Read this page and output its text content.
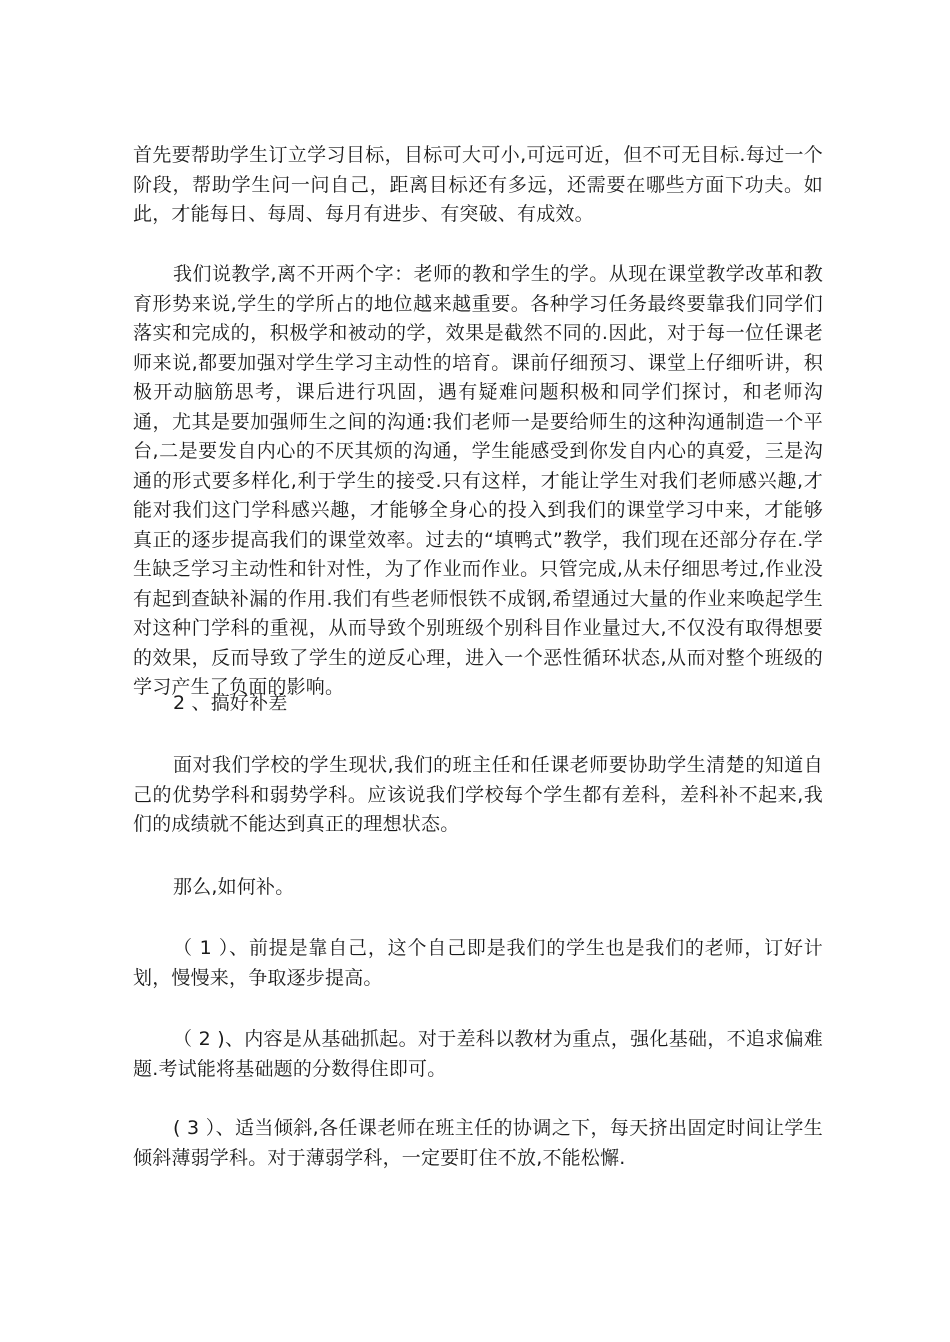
首先要帮助学生订立学习目标，目标可大可小,可远可近，但不可无目标.每过一个阶段，帮助学生问一问自己，距离目标还有多远，还需要在哪些方面下功夫。如此，才能每日、每周、每月有进步、有突破、有成效。

我们说教学,离不开两个字：老师的教和学生的学。从现在课堂教学改革和教育形势来说,学生的学所占的地位越来越重要。各种学习任务最终要靠我们同学们落实和完成的，积极学和被动的学，效果是截然不同的.因此，对于每一位任课老师来说,都要加强对学生学习主动性的培育。课前仔细预习、课堂上仔细听讲，积极开动脑筋思考，课后进行巩固，遇有疑难问题积极和同学们探讨，和老师沟通，尤其是要加强师生之间的沟通:我们老师一是要给师生的这种沟通制造一个平台,二是要发自内心的不厌其烦的沟通，学生能感受到你发自内心的真爱，三是沟通的形式要多样化,利于学生的接受.只有这样，才能让学生对我们老师感兴趣,才能对我们这门学科感兴趣，才能够全身心的投入到我们的课堂学习中来，才能够真正的逐步提高我们的课堂效率。过去的“填鸭式”教学，我们现在还部分存在.学生缺乏学习主动性和针对性，为了作业而作业。只管完成,从未仔细思考过,作业没有起到查缺补漏的作用.我们有些老师恨铁不成钢,希望通过大量的作业来唤起学生对这种门学科的重视，从而导致个别班级个别科目作业量过大,不仅没有取得想要的效果，反而导致了学生的逆反心理，进入一个恶性循环状态,从而对整个班级的学习产生了负面的影响。

2 、搞好补差

面对我们学校的学生现状,我们的班主任和任课老师要协助学生清楚的知道自己的优势学科和弱势学科。应该说我们学校每个学生都有差科，差科补不起来,我们的成绩就不能达到真正的理想状态。

那么,如何补。

（ 1 ）、前提是靠自己，这个自己即是我们的学生也是我们的老师，订好计划，慢慢来，争取逐步提高。

（ 2 )、内容是从基础抓起。对于差科以教材为重点，强化基础，不追求偏难题.考试能将基础题的分数得住即可。

( 3 ）、适当倾斜,各任课老师在班主任的协调之下，每天挤出固定时间让学生倾斜薄弱学科。对于薄弱学科，一定要盯住不放,不能松懈.
